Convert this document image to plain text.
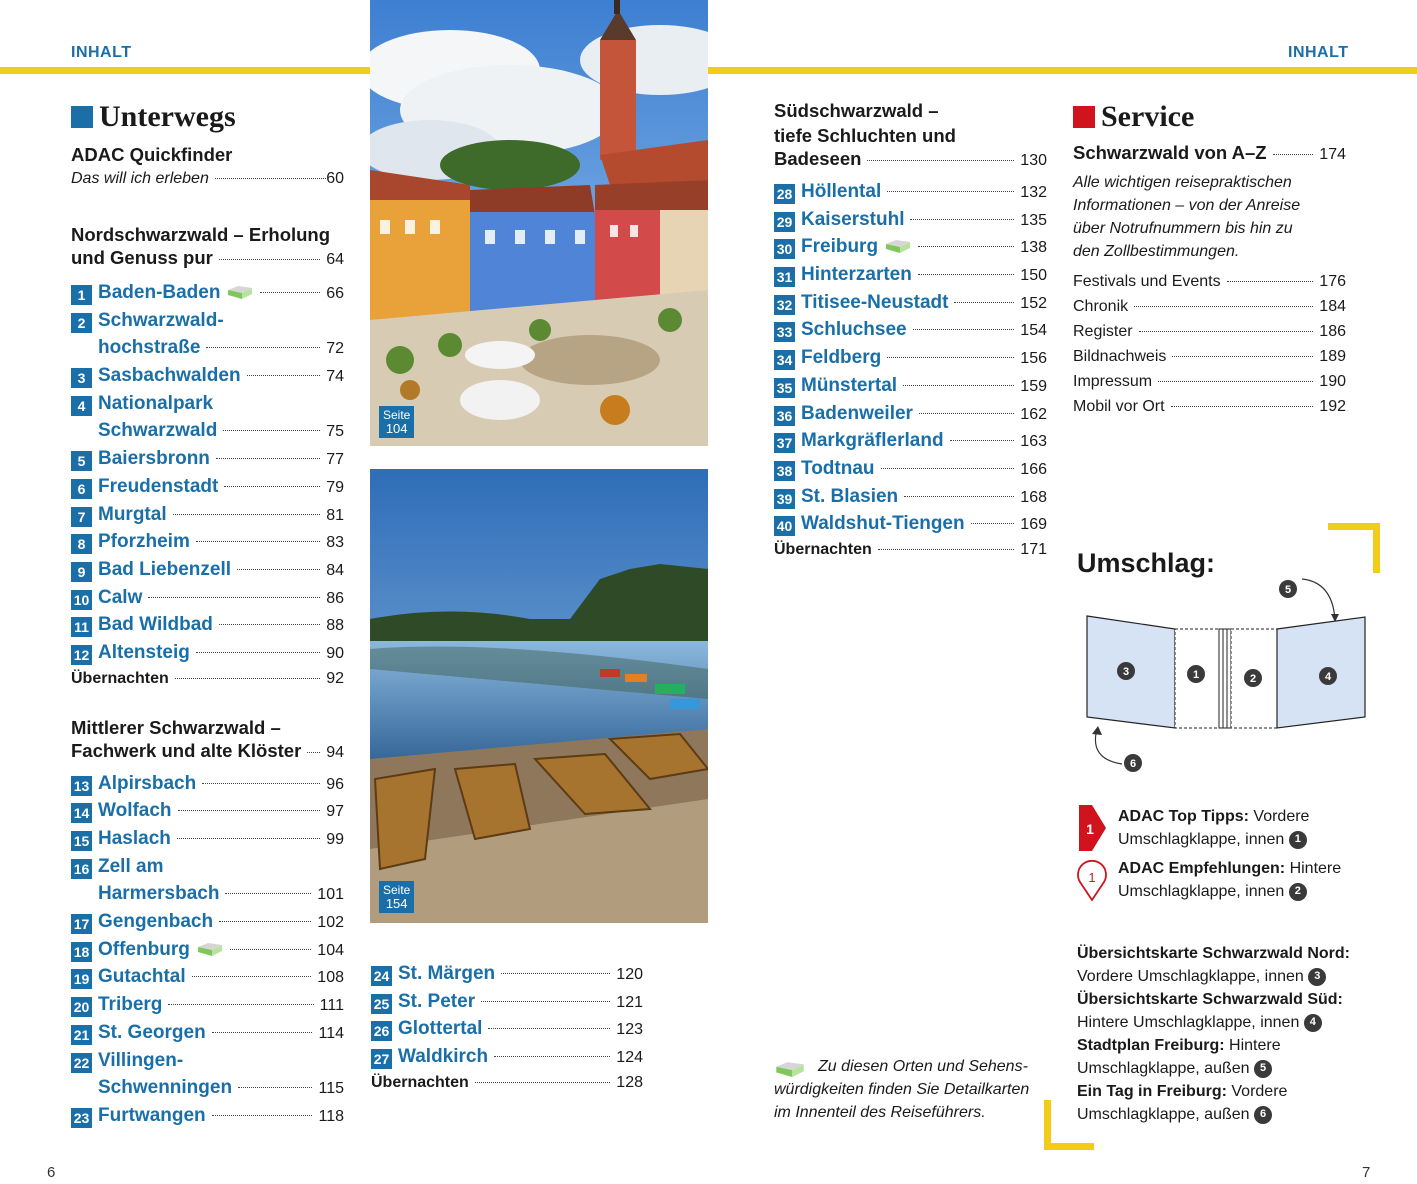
INHALT	INHALT
Unterwegs
ADAC Quickfinder
Das will ich erleben	60
Nordschwarzwald – Erholung
und Genuss pur	64
1 Baden-Baden	66
2 Schwarzwald-
hochstraße	72
3 Sasbachwalden	74
4 Nationalpark
Schwarzwald	75
5 Baiersbronn	77
6 Freudenstadt	79
7 Murgtal	81
8 Pforzheim	83
9 Bad Liebenzell	84
10 Calw	86
11 Bad Wildbad	88
12 Altensteig	90
Übernachten	92
Mittlerer Schwarzwald –
Fachwerk und alte Klöster 94
13 Alpirsbach	96
14 Wolfach	97
15 Haslach	99
16 Zell am
Harmersbach	101
17 Gengenbach	102
18 Offenburg	104
19 Gutachtal	108
20 Triberg	111
21 St. Georgen	114
22 Villingen-
Schwenningen	115
23 Furtwangen	118
Seite
104
Seite
154
24 St. Märgen	120
25 St. Peter	121
26 Glottertal	123
27 Waldkirch	124
Übernachten	128
Südschwarzwald –
tiefe Schluchten und
Badeseen	130
28 Höllental	132
29 Kaiserstuhl	135
30 Freiburg	138
31 Hinterzarten	150
32 Titisee-Neustadt	152
33 Schluchsee	154
34 Feldberg	156
35 Münstertal	159
36 Badenweiler	162
37 Markgräflerland	163
38 Todtnau	166
39 St. Blasien	168
40 Waldshut-Tiengen	169
Übernachten	171
Zu diesen Orten und Sehens-
würdigkeiten finden Sie Detailkarten
im Innenteil des Reiseführers.
Service
Schwarzwald von A–Z	174
Alle wichtigen reisepraktischen
Informationen – von der Anreise
über Notrufnummern bis hin zu
den Zollbestimmungen.
Festivals und Events	176
Chronik	184
Register	186
Bildnachweis	189
Impressum	190
Mobil vor Ort	192
Umschlag:
5
3	1	2	4
6
1
ADAC Top Tipps: Vordere
Umschlagklappe, innen 1
1
ADAC Empfehlungen: Hintere
Umschlagklappe, innen 2
Übersichtskarte Schwarzwald Nord:
Vordere Umschlagklappe, innen 3
Übersichtskarte Schwarzwald Süd:
Hintere Umschlagklappe, innen 4
Stadtplan Freiburg: Hintere
Umschlagklappe, außen 5
Ein Tag in Freiburg: Vordere
Umschlagklappe, außen 6
6	7
